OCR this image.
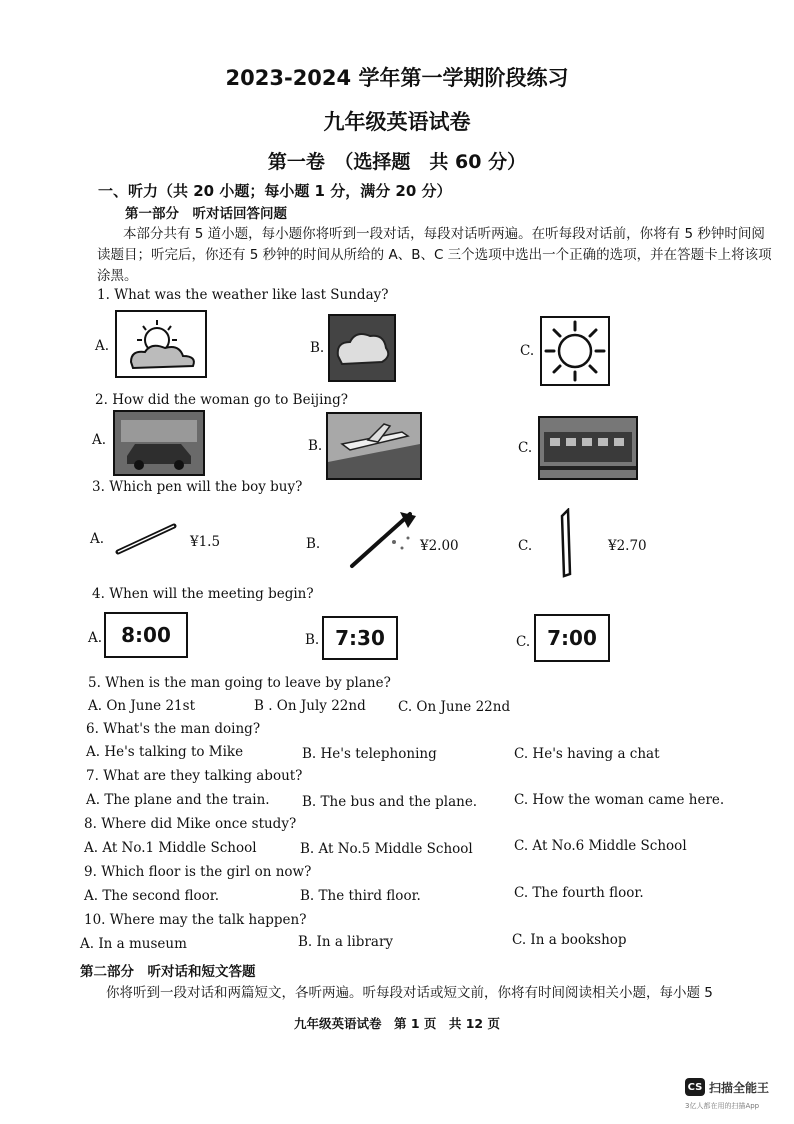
2023-2024 学年第一学期阶段练习
九年级英语试卷
第一卷　（选择题　共 60 分）
一、听力（共 20 小题；每小题 1 分，满分 20 分）
第一部分　听对话回答问题
本部分共有 5 道小题，每小题你将听到一段对话，每段对话听两遍。在听每段对话前，你将有 5 秒钟时间阅读题目；听完后，你还有 5 秒钟的时间从所给的 A、B、C 三个选项中选出一个正确的选项，并在答题卡上将该项涂黑。
1. What was the weather like last Sunday?
A.	B.	C.
2. How did the woman go to Beijing?
A.	B.	C.
3. Which pen will the boy buy?
A.	¥1.5	B.	¥2.00	C.	¥2.70
4. When will the meeting begin?
A. 8:00	B. 7:30	C. 7:00
5. When is the man going to leave by plane?
A. On June 21st	B . On July 22nd C. On June 22nd
6. What's the man doing?
A. He's talking to Mike	B. He's telephoning	C. He's having a chat
7. What are they talking about?
A. The plane and the train. B. The bus and the plane.	C. How the woman came here.
8. Where did Mike once study?
A. At No.1 Middle School	B. At No.5 Middle School	C. At No.6 Middle School
9. Which floor is the girl on now?
A. The second floor.	B. The third floor.	C. The fourth floor.
10. Where may the talk happen?
A. In a museum	B. In a library	C. In a bookshop
第二部分　听对话和短文答题
你将听到一段对话和两篇短文，各听两遍。听每段对话或短文前，你将有时间阅读相关小题，每小题 5
九年级英语试卷　第 1 页　共 12 页
CS 扫描全能王
3亿人都在用的扫描App
